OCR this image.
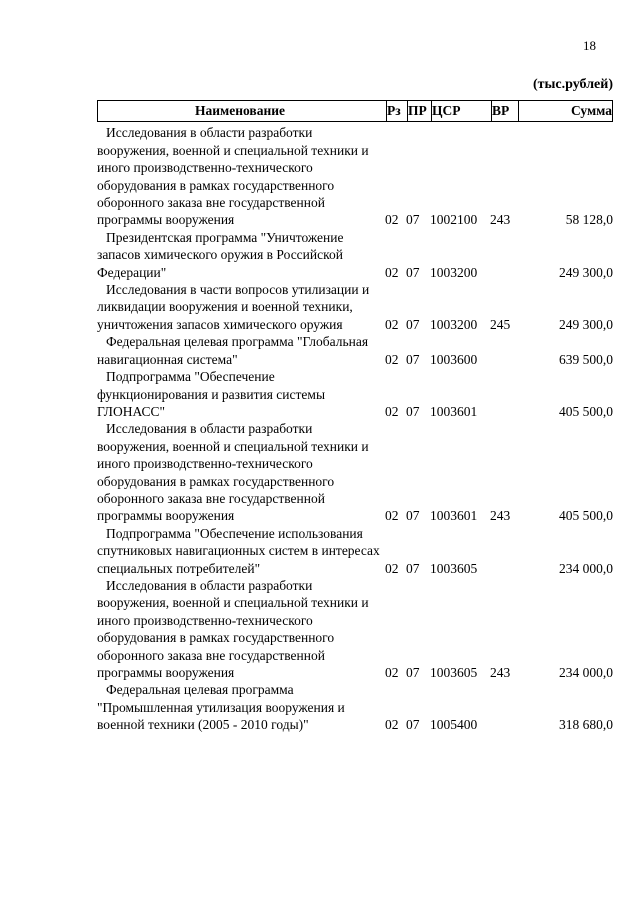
18
(тыс.рублей)
Наименование	Рз ПР ЦСР	ВР	Сумма
Исследования в области разработки вооружения, военной и специальной техники и иного производственно-технического оборудования в рамках государственного оборонного заказа вне государственной программы вооружения	02 07 1002100 243	58 128,0
Президентская программа "Уничтожение запасов химического оружия в Российской Федерации"	02 07 1003200	249 300,0
Исследования в части вопросов утилизации и ликвидации вооружения и военной техники, уничтожения запасов химического оружия	02 07 1003200 245	249 300,0
Федеральная целевая программа "Глобальная навигационная система"	02 07 1003600	639 500,0
Подпрограмма "Обеспечение функционирования и развития системы ГЛОНАСС"	02 07 1003601	405 500,0
Исследования в области разработки вооружения, военной и специальной техники и иного производственно-технического оборудования в рамках государственного оборонного заказа вне государственной программы вооружения	02 07 1003601 243	405 500,0
Подпрограмма "Обеспечение использования спутниковых навигационных систем в интересах специальных потребителей"	02 07 1003605	234 000,0
Исследования в области разработки вооружения, военной и специальной техники и иного производственно-технического оборудования в рамках государственного оборонного заказа вне государственной программы вооружения	02 07 1003605 243	234 000,0
Федеральная целевая программа "Промышленная утилизация вооружения и военной техники (2005 - 2010 годы)"	02 07 1005400	318 680,0
